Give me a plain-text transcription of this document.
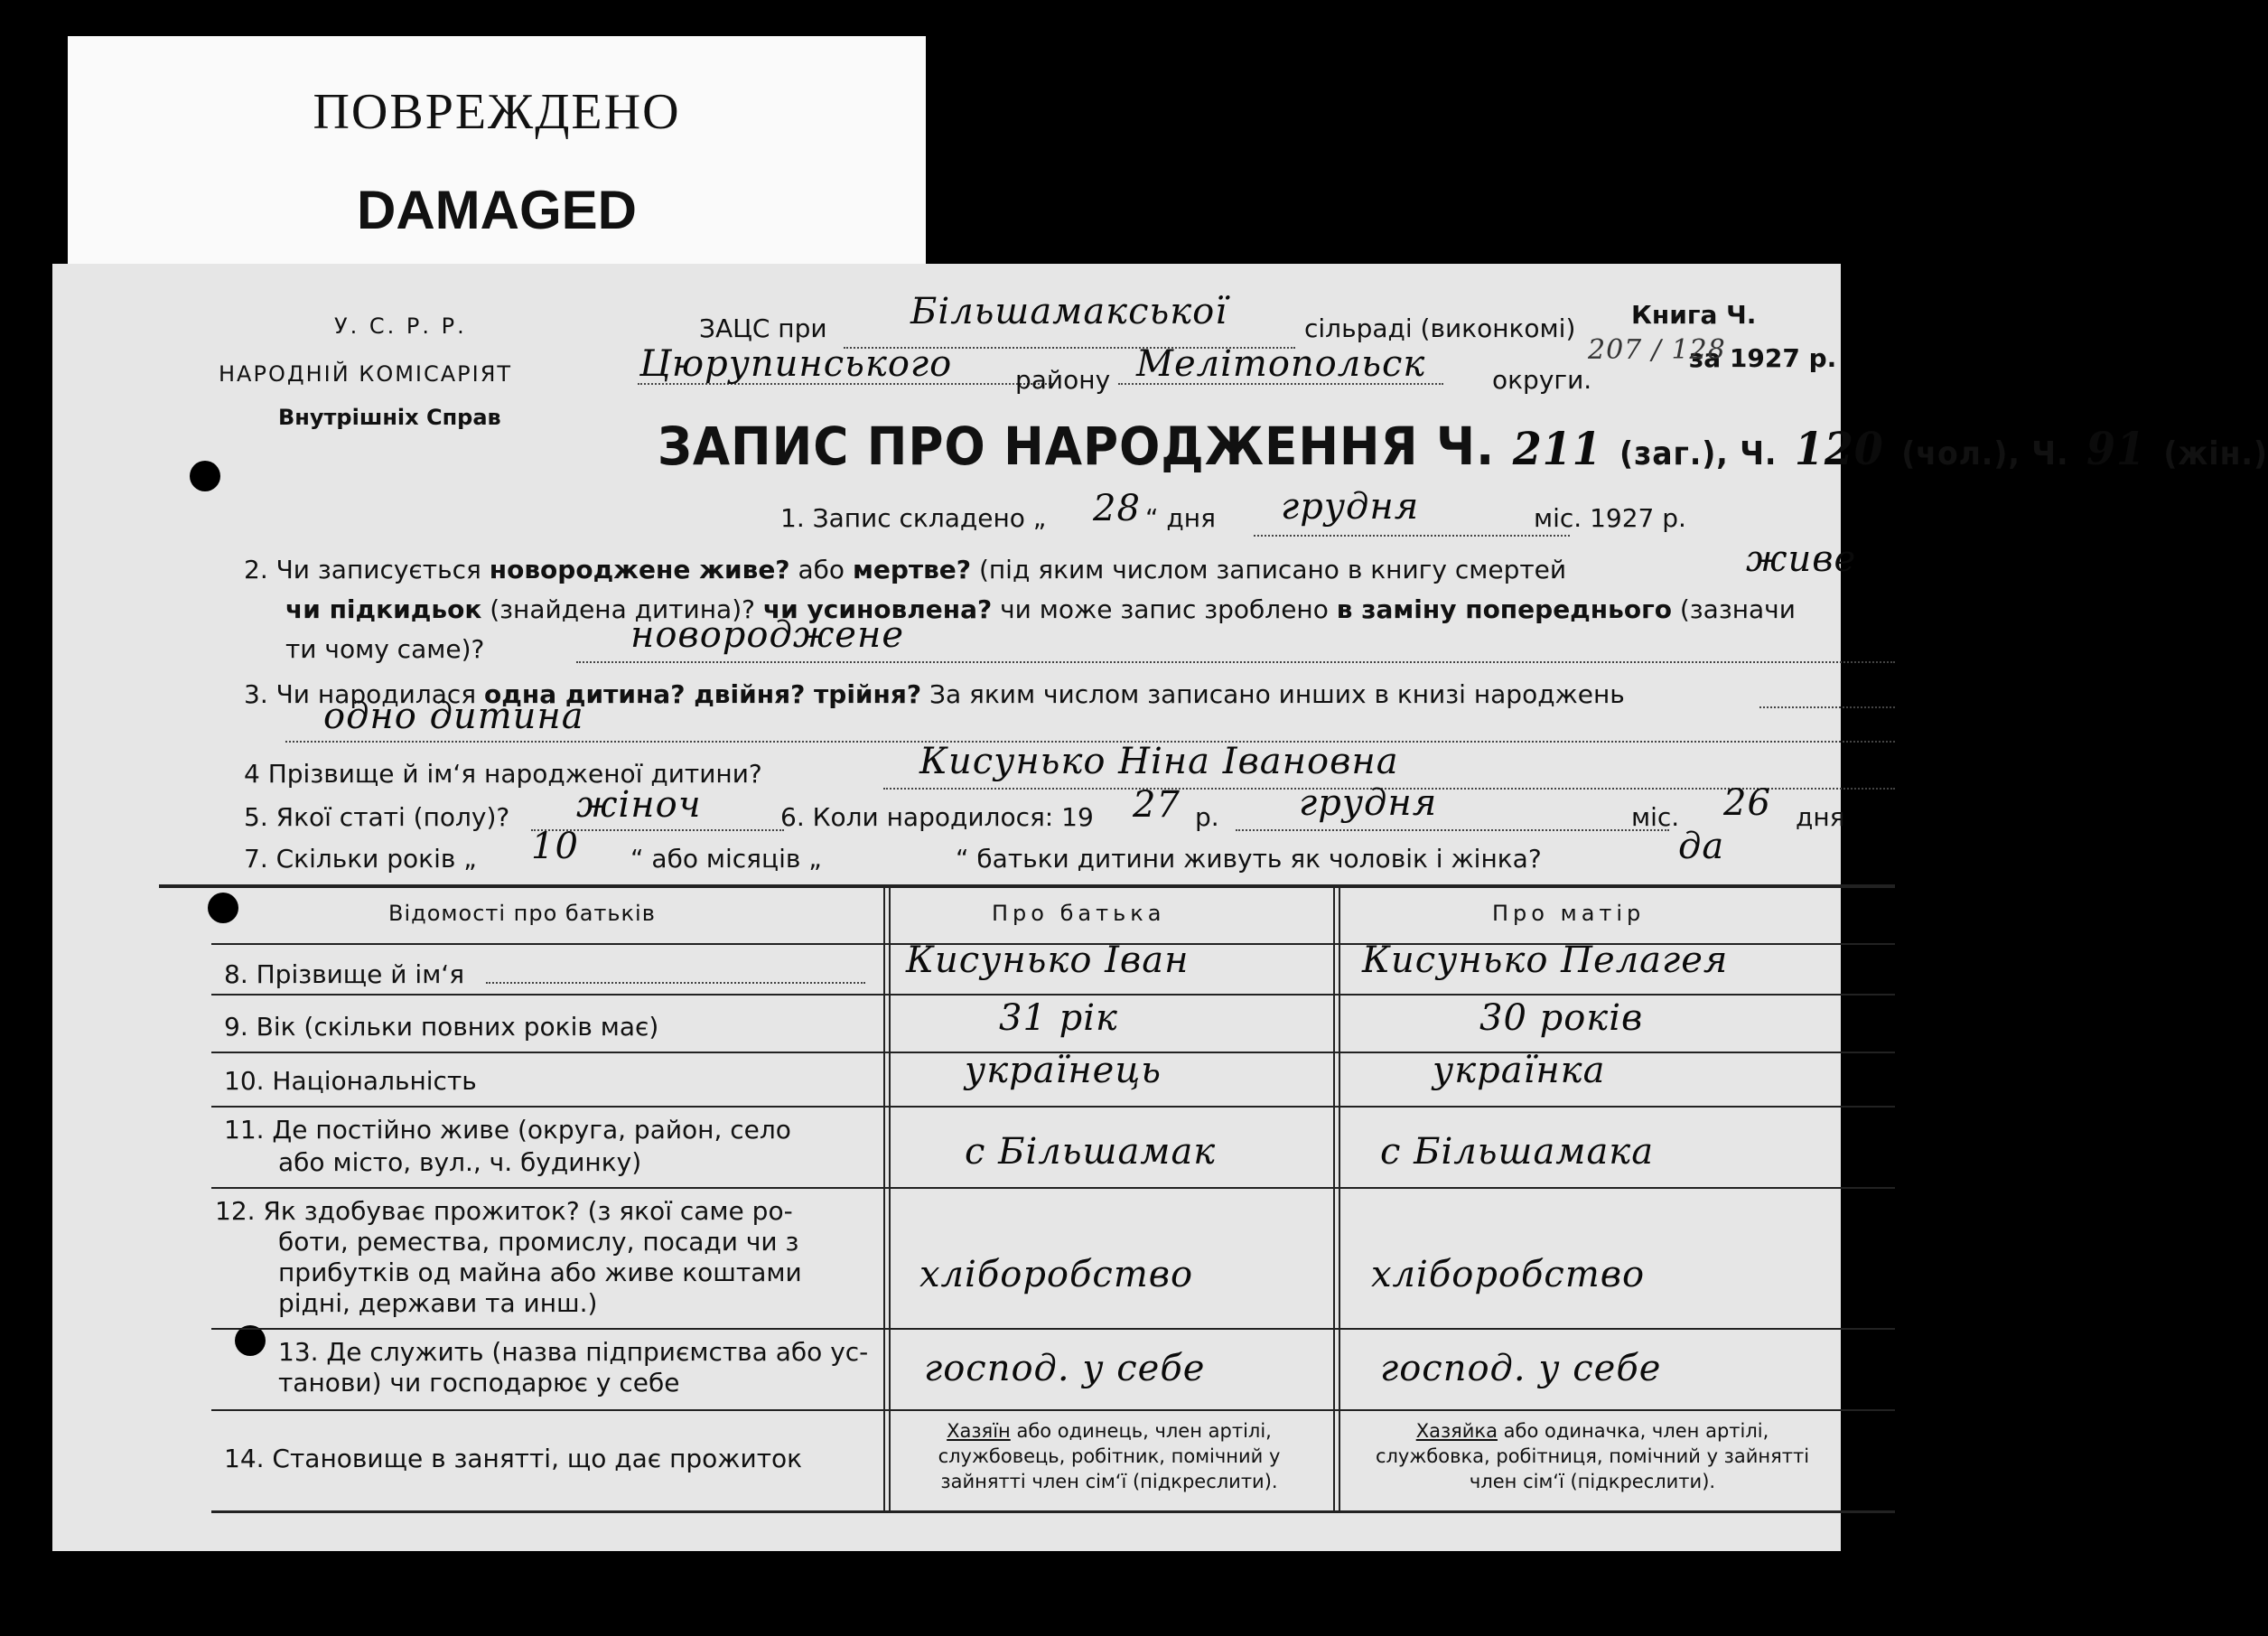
ПОВРЕЖДЕНО
DAMAGED
У. С. Р. Р.
НАРОДНІЙ КОМІСАРІЯТ
Внутрішніх Справ
ЗАЦС при Більшамакської	сільраді (виконкомі) Книга Ч.
за 1927 р.
207 / 128
Цюрупинського району Мелітопольск	округи.
ЗАПИС ПРО НАРОДЖЕННЯ Ч. 211 (заг.), Ч. 120 (чол.), Ч. 91 (жін.)
1. Запис складено „ 28 “ дня грудня	міс. 1927 р.
2. Чи записується новороджене живе? або мертве? (під яким числом записано в книгу смертей	живе
чи підкидьок (знайдена дитина)? чи усиновлена? чи може запис зроблено в заміну попереднього (зазначи
ти чому саме)?	новороджене
3. Чи народилася одна дитина? двійня? трійня? За яким числом записано инших в книзі народжень
одно дитина
4 Прізвище й ім‘я народженої дитини?	Кисунько Ніна Івановна
5. Якої статі (полу)? жіноч	6. Коли народилося: 19 27 р. грудня	міс. 26 дня
7. Скільки років „ 10 “ або місяців „	“ батьки дитини живуть як чоловік і жінка?	да
Відомості про батьків	Про батька	Про матір
8. Прізвище й ім‘я	Кисунько Іван	Кисунько Пелагея
9. Вік (скільки повних років має)	31 рік	30 років
10. Національність	українець	українка
11. Де постійно живе (округа, район, село
або місто, вул., ч. будинку)	с Більшамак	с Більшамака
12. Як здобуває прожиток? (з якої саме ро-
боти, ремества, промислу, посади чи з
прибутків од майна або живе коштами
рідні, держави та инш.)
хліборобство	хліборобство
13. Де служить (назва підприємства або ус-
танови) чи господарює у себе	господ. у себе	господ. у себе
14. Становище в занятті, що дає прожиток
Хазяїн або одинець, член артілі, службовець, робітник, помічний у зайнятті член сім‘ї (підкреслити).
Хазяйка або одиначка, член артілі, службовка, робітниця, помічний у зайнятті член сім‘ї (підкреслити).
